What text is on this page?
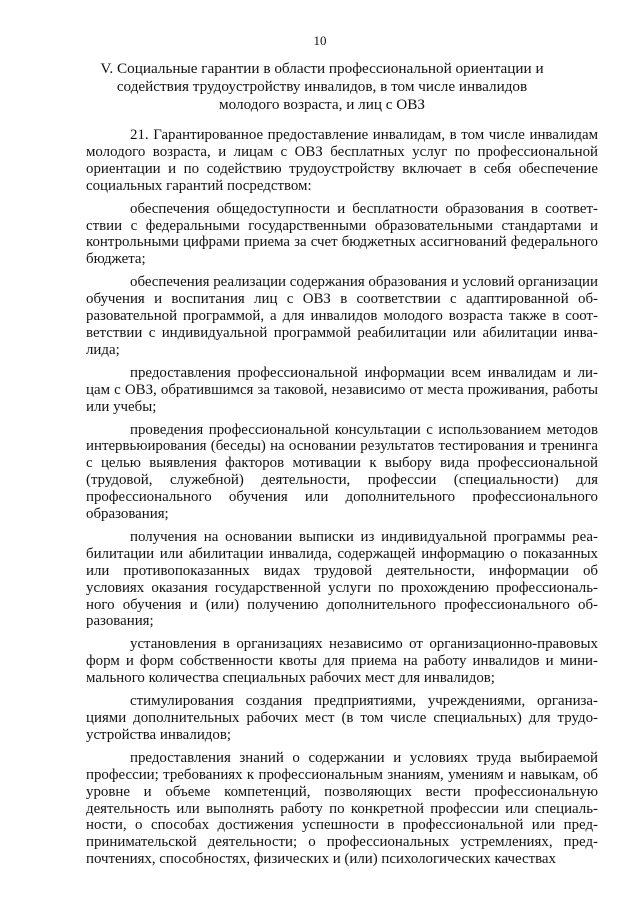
10
V. Социальные гарантии в области профессиональной ориентации и содействия трудоустройству инвалидов, в том числе инвалидов молодого возраста, и лиц с ОВЗ

21. Гарантированное предоставление инвалидам, в том числе инвалидам молодого возраста, и лицам с ОВЗ бесплатных услуг по профессиональной ориентации и по содействию трудоустройству включает в себя обеспечение социальных гарантий посредством:

обеспечения общедоступности и бесплатности образования в соответствии с федеральными государственными образовательными стандартами и контрольными цифрами приема за счет бюджетных ассигнований федерального бюджета;

обеспечения реализации содержания образования и условий организации обучения и воспитания лиц с ОВЗ в соответствии с адаптированной образовательной программой, а для инвалидов молодого возраста также в соответствии с индивидуальной программой реабилитации или абилитации инвалида;

предоставления профессиональной информации всем инвалидам и лицам с ОВЗ, обратившимся за таковой, независимо от места проживания, работы или учебы;

проведения профессиональной консультации с использованием методов интервьюирования (беседы) на основании результатов тестирования и тренинга с целью выявления факторов мотивации к выбору вида профессиональной (трудовой, служебной) деятельности, профессии (специальности) для профессионального обучения или дополнительного профессионального образования;

получения на основании выписки из индивидуальной программы реабилитации или абилитации инвалида, содержащей информацию о показанных или противопоказанных видах трудовой деятельности, информации об условиях оказания государственной услуги по прохождению профессионального обучения и (или) получению дополнительного профессионального образования;

установления в организациях независимо от организационно-правовых форм и форм собственности квоты для приема на работу инвалидов и минимального количества специальных рабочих мест для инвалидов;

стимулирования создания предприятиями, учреждениями, организациями дополнительных рабочих мест (в том числе специальных) для трудоустройства инвалидов;

предоставления знаний о содержании и условиях труда выбираемой профессии; требованиях к профессиональным знаниям, умениям и навыкам, об уровне и объеме компетенций, позволяющих вести профессиональную деятельность или выполнять работу по конкретной профессии или специальности, о способах достижения успешности в профессиональной или предпринимательской деятельности; о профессиональных устремлениях, предпочтениях, способностях, физических и (или) психологических качествах
